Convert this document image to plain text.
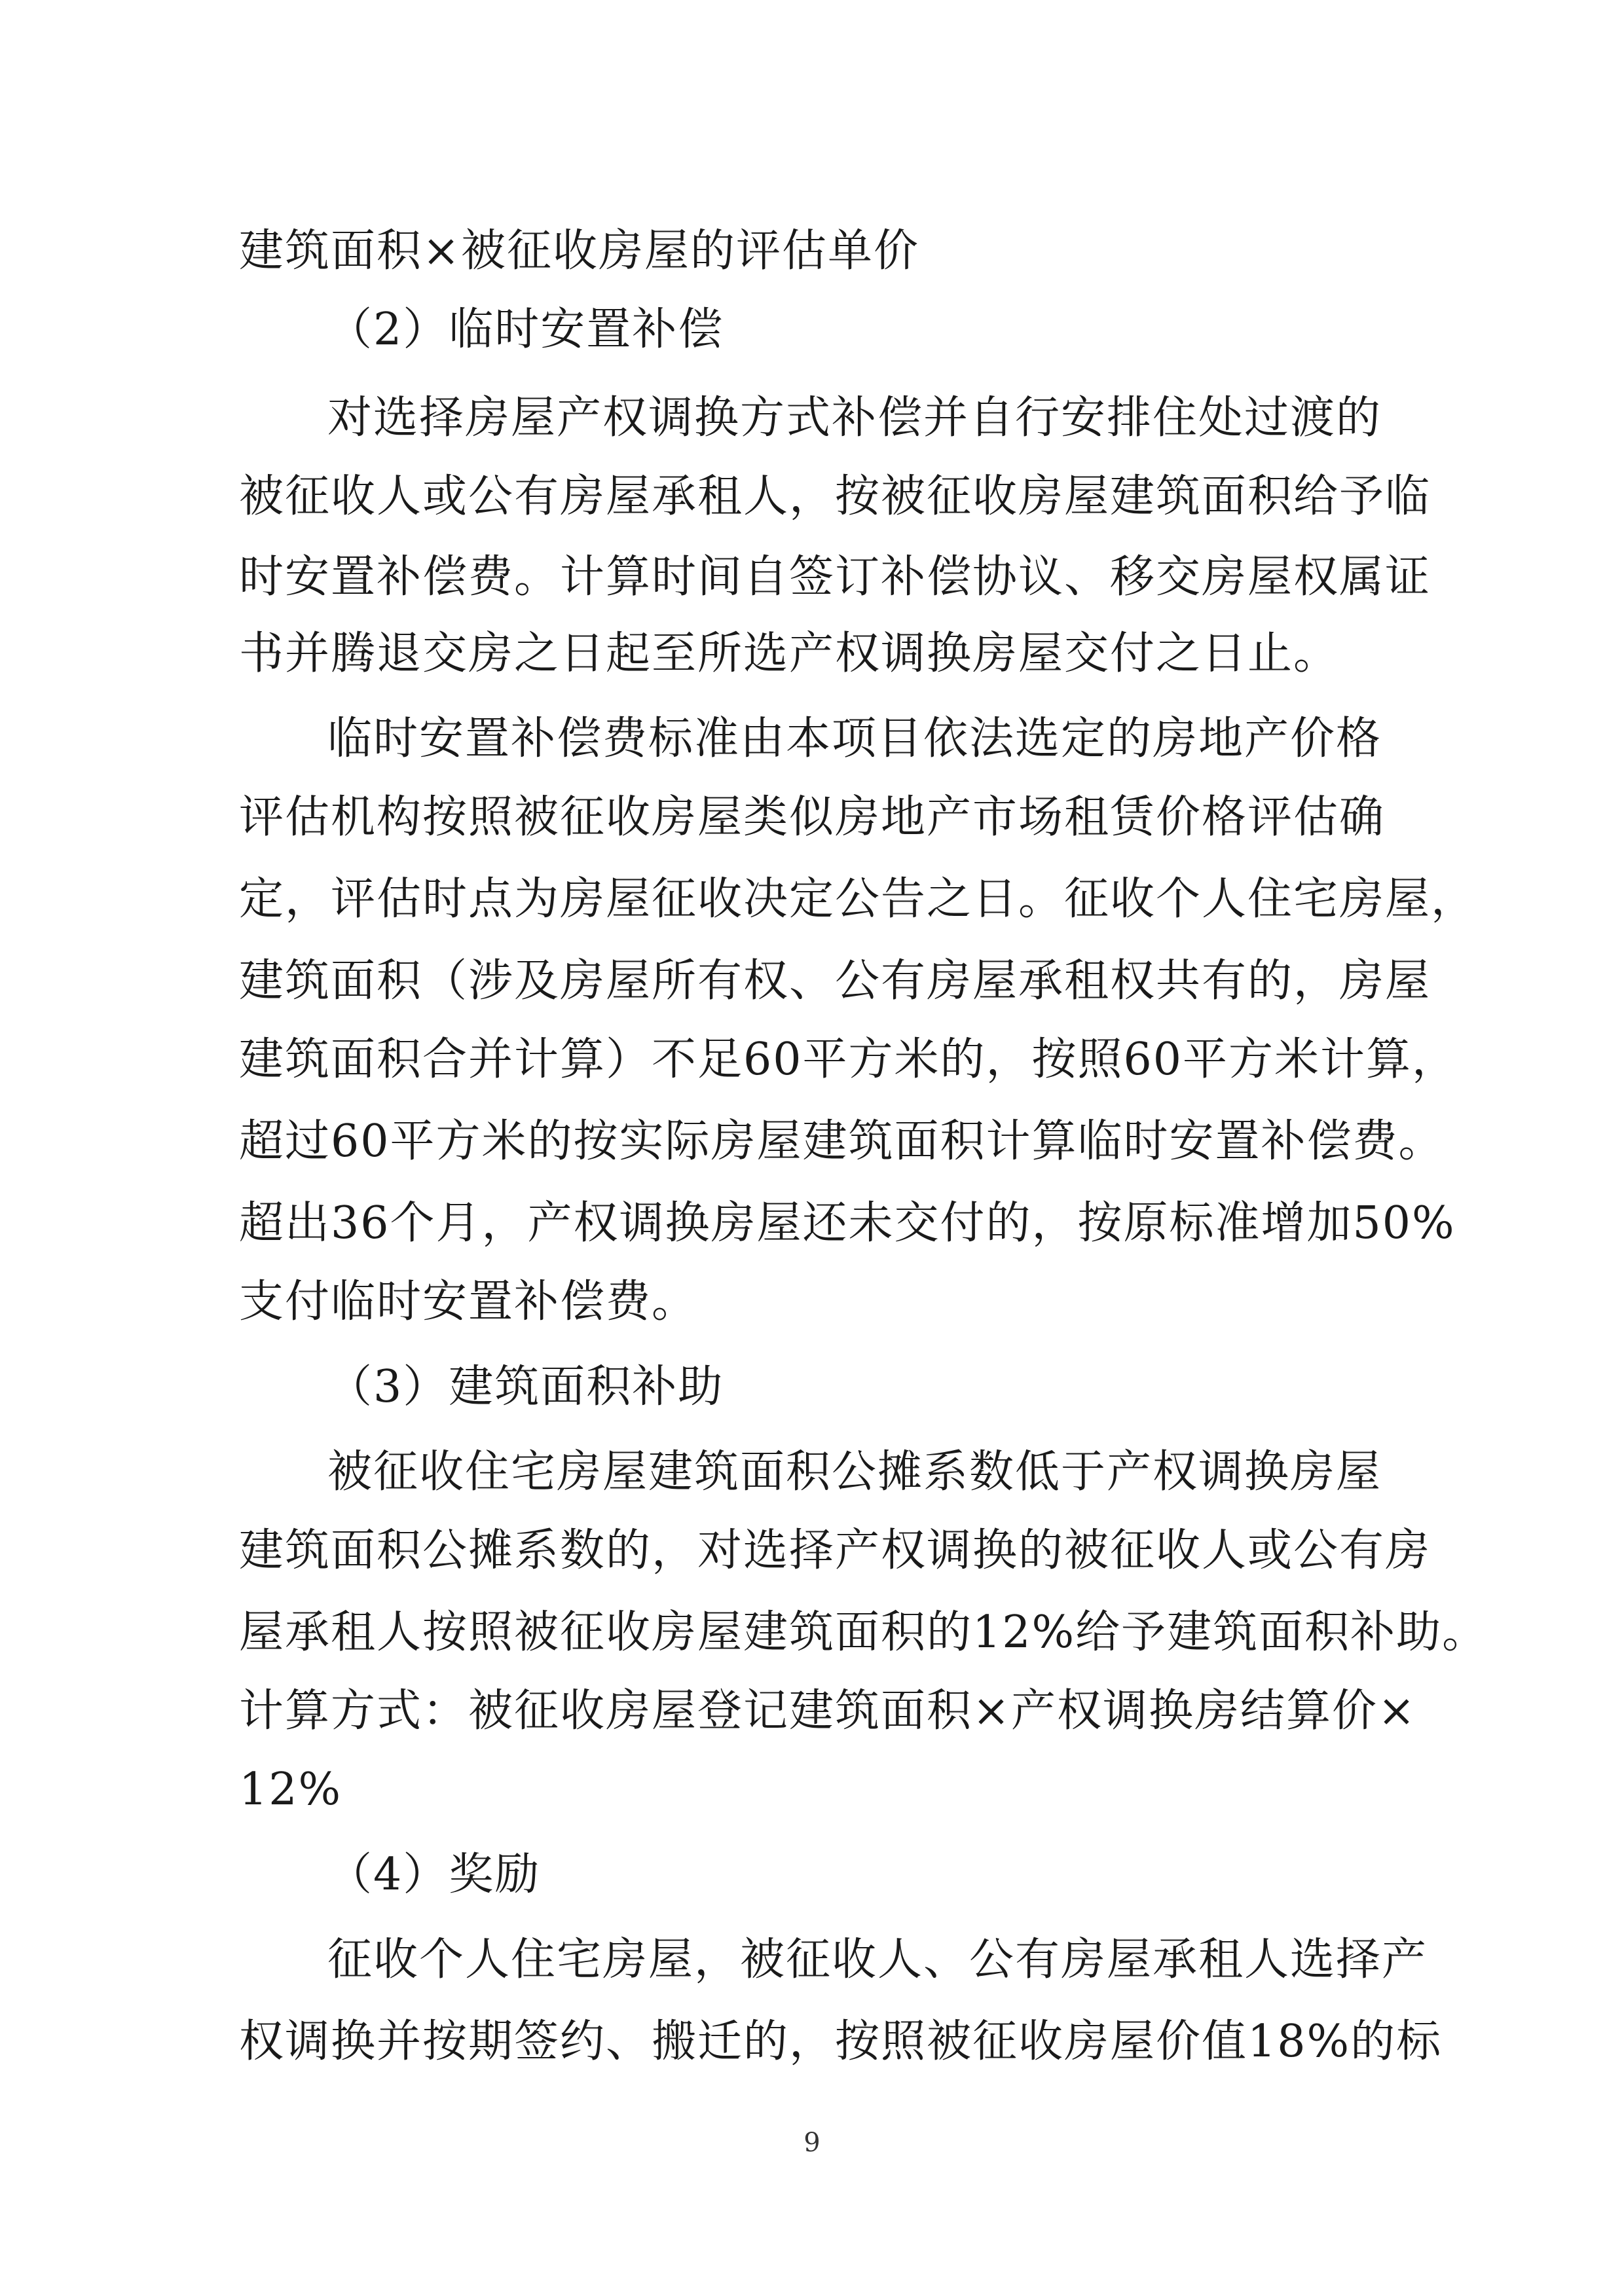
建筑面积×被征收房屋的评估单价
（2）临时安置补偿
对选择房屋产权调换方式补偿并自行安排住处过渡的
被征收人或公有房屋承租人，按被征收房屋建筑面积给予临
时安置补偿费。计算时间自签订补偿协议、移交房屋权属证
书并腾退交房之日起至所选产权调换房屋交付之日止。
临时安置补偿费标准由本项目依法选定的房地产价格
评估机构按照被征收房屋类似房地产市场租赁价格评估确
定，评估时点为房屋征收决定公告之日。征收个人住宅房屋，
建筑面积（涉及房屋所有权、公有房屋承租权共有的，房屋
建筑面积合并计算）不足60平方米的，按照60平方米计算，
超过60平方米的按实际房屋建筑面积计算临时安置补偿费。
超出36个月，产权调换房屋还未交付的，按原标准增加50%
支付临时安置补偿费。
（3）建筑面积补助
被征收住宅房屋建筑面积公摊系数低于产权调换房屋
建筑面积公摊系数的，对选择产权调换的被征收人或公有房
屋承租人按照被征收房屋建筑面积的12%给予建筑面积补助。
计算方式：被征收房屋登记建筑面积×产权调换房结算价×
12%
（4）奖励
征收个人住宅房屋，被征收人、公有房屋承租人选择产
权调换并按期签约、搬迁的，按照被征收房屋价值18%的标
9
